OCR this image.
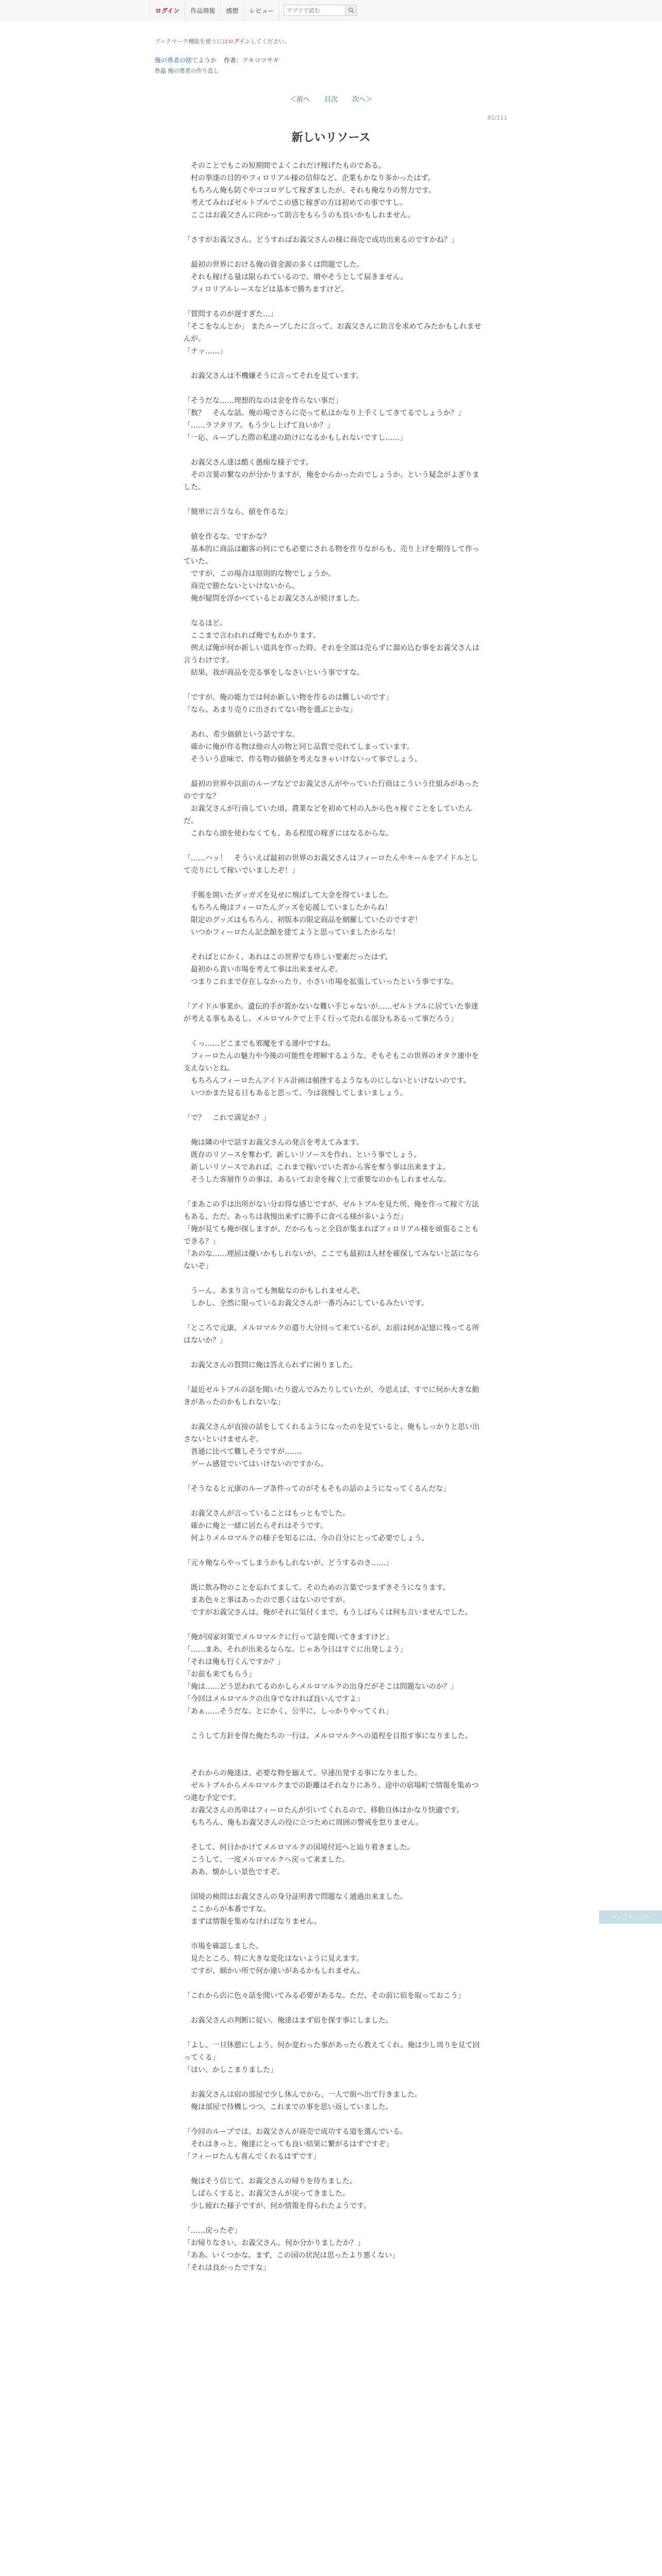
ログイン	作品情報	感想	レビュー
アプリで読む
ブックマーク機能を使うにはログインしてください。
俺の勇者の捨てようか 作者：アキコツサギ
作品 俺の勇者の作り直し
＜前へ 目次 次へ＞
81/111
新しいリソース

　そのことでもこの短期間でよくこれだけ稼げたものである。

　村の拳達の目的やフィロリアル様の信仰など、企業もかなり多かったはず。

　もちろん俺も防ぐやココロゲして稼ぎましたが、それも俺なりの努力です。

　考えてみればゼルトブルでこの感じ稼ぎの方は初めての事ですし。

　ここはお義父さんに向かって助言をもらうのも良いかもしれません。

「さすがお義父さん。どうすればお義父さんの様に商売で成功出来るのですかね？」

　最初の世界における俺の資金源の多くは問題でした。

　それも稼げる量は限られているので、増やそうとして届きません。

　フィロリアルレースなどは基本で勝ちますけど。

「質問するのが遅すぎた…」

「そこをなんとか」 またルーブしたに言って、お義父さんに助言を求めてみたかもしれませんが。

「ナッ……」

　お義父さんは不機嫌そうに言ってそれを見ています。

「そうだな……理想的なのは金を作らない事だ」

「数？　そんな話。俺の場でさらに売って私はかなり上手くしてきてるでしょうか？」

「……ラフタリア。もう少し上げて良いか？」

「一応、ループした際の私達の助けになるかもしれないですし……」

　お義父さん達は酷く愚痴な様子です。

　その言葉の繋なのが分かりますが、俺をからかったのでしょうか、という疑念がよぎりました。

「簡単に言うなら、値を作るな」

　値を作るな、ですかな？

　基本的に商品は顧客の何にでも必要にされる物を作りながらも、売り上げを期待して作っていた。

　ですが、この場合は原則的な物でしょうか。

　商売で勝たないといけないから、

　俺が疑問を浮かべているとお義父さんが続けました。

　なるほど。

　ここまで言われれば俺でもわかります。

　例えば俺が何か新しい道具を作った時、それを全部は売らずに溜め込む事をお義父さんは言うわけです。

　結果、我が商品を売る事をしなさいという事ですな。

「ですが、俺の能力では何か新しい物を作るのは難しいのです」

「なら、あまり売りに出されてない物を選ぶとかな」

　あれ、希少価値という話ですな。

　確かに俺が作る物は他の人の物と同じ品質で売れてしまっています。

　そういう意味で、作る物の価値を考えなきゃいけないって事でしょう。

　最初の世界や以前のルーブなどでお義父さんがやっていた行商はこういう仕組みがあったのですな？

　お義父さんが行商していた頃、農業などを初めて村の人から色々稼ぐことをしていたんだ。

　これなら頭を使わなくても、ある程度の稼ぎにはなるからな。

「……ハッ！　そういえば最初の世界のお義父さんはフィーロたんやキールをアイドルとして売りにして稼いでいましたぞ！」

　手帳を開いたダッガズを見せに飛ばして大金を得ていました。

　もちろん俺はフィーロたんグッズを応援していましたからね！

　限定のグッズはもちろん、初版本の限定商品を網羅していたのですぞ！

　いつかフィーロたん記念館を建てようと思っていましたからな！

　そればとにかく、あれはこの世界でも珍しい要素だったはず。

　最初から貴い市場を考えて事は出来ませんぞ。

　つまりこれまで存在しなかったり、小さい市場を拡張していったという事ですな。

「アイドル事業か。遺伝的手が置かないな難い手じゃないが……ゼルトブルに居ていた拳達が考える事もあるし、メルロマルクで上手く行って売れる部分もあるって事だろう」

　くっ……どこまでも邪魔をする連中ですね。

　フィーロたんの魅力や今後の可能性を理解するような、そもそもこの世界のオタク連中を支えないとね。

　もちろんフィーロたんアイドル計画は頓挫するようなものにしないといけないのです。

　いつかまた見る日もあると思って、今は我慢してしまいましょう。

「で？　これで満足か？」

　俺は隣の中で話すお義父さんの発言を考えてみます。

　既存のリソースを奪わず、新しいリソースを作れ、という事でしょう。

　新しいリソースであれば、これまで稼いでいた者から客を奪う事は出来ますよ。

　そうした客層作りの事は、あるいてお金を稼ぐ上で重要なのかもしれませんな。

「まあこの手は出所がない分お得な感じですが、ゼルトブルを見た所、俺を作って稼ぐ方法もある、ただ、あっちは我慢出来ずに勝手に食べる様が多いようだ」

「俺が見ても俺が探しますが、だからもっと全員が集まればフィロリアル様を頑張ることもできる？」

「あのな……理屈は優いかもしれないが、ここでも最初は人材を確保してみないと話にならないぞ」

　うーん、あまり言っても無駄なのかもしれませんぞ。

　しかし、全然に限っているお義父さんが一番巧みにしているみたいです。

「ところで元康、メルロマルクの遣り大分回って来ているが、お前は何か記憶に残ってる所はないか？」

　お義父さんの質問に俺は答えられずに困りました。

「最近ゼルトブルの話を聞いたり遊んでみたりしていたが、今思えば、すでに何か大きな動きがあったのかもしれないな」

　お義父さんが直接の話をしてくれるようになったのを見ていると、俺もしっかりと思い出さないといけませんぞ。

　普通に比べて難しそうですが……。

　ゲーム感覚でいてはいけないのですから。

「そうなると元康のループ条件ってのがそもそもの話のようになってくるんだな」

　お義父さんが言っていることはもっともでした。

　確かに俺と一緒に居たらそれはそうです。

　何よりメルロマルクの様子を知るには、今の自分にとって必要でしょう。

「元々俺ならやってしまうかもしれないが、どうするのさ……」

　既に飲み物のことを忘れてまして。そのための言葉でつまずきそうになります。

　まあ色々と事はあったので悪くはないのですが。

　ですがお義父さんは、俺がそれに気付くまで、もうしばらくは何も言いませんでした。

「俺が国家対策でメルロマルクに行って話を聞いてきますけど」

「……まあ、それが出来るならな。じゃあ今日はすぐに出発しよう」

「それは俺も行くんですか？」

「お前も来てもらう」

「俺は……どう思われてるのかしらメルロマルクの出身だがそこは問題ないのか？」

「今回はメルロマルクの出身でなければ良いんですよ」

「あぁ……そうだな。とにかく、公平に、しっかりやってくれ」

　こうして方針を得た俺たちの一行は、メルロマルクへの道程を目指す事になりました。

　それからの俺達は、必要な物を揃えて、早速出発する事になりました。

　ゼルトブルからメルロマルクまでの距離はそれなりにあり、途中の宿場町で情報を集めつつ進む予定です。

　お義父さんの馬車はフィーロたんが引いてくれるので、移動自体はかなり快適です。

　もちろん、俺もお義父さんの役に立つために周囲の警戒を怠りません。

　そして、何日かかけてメルロマルクの国境付近へと辿り着きました。

　こうして、一度メルロマルクへ戻って来ました。

　ああ、懐かしい景色ですぞ。

　国境の検問はお義父さんの身分証明書で問題なく通過出来ました。

　ここからが本番ですな。

　まずは情報を集めなければなりません。

　市場を確認しました。

　見たところ、特に大きな変化はないように見えます。

　ですが、細かい所で何か違いがあるかもしれません。

「これから店に色々話を聞いてみる必要があるな。ただ、その前に宿を取っておこう」

　お義父さんの判断に従い、俺達はまず宿を探す事にしました。

「よし、一旦休憩にしよう。何か変わった事があったら教えてくれ。俺は少し周りを見て回ってくる」

「はい、かしこまりました」

　お義父さんは宿の部屋で少し休んでから、一人で街へ出て行きました。

　俺は部屋で待機しつつ、これまでの事を思い返していました。

「今回のループでは、お義父さんが商売で成功する道を選んでいる。

　それはきっと、俺達にとっても良い結果に繋がるはずですぞ」

「フィーロたんも喜んでくれるはずです」

　俺はそう信じて、お義父さんの帰りを待ちました。

　しばらくすると、お義父さんが戻ってきました。

　少し疲れた様子ですが、何か情報を得られたようです。

「……戻ったぞ」

「お帰りなさい、お義父さん。何か分かりましたか？」

「ああ。いくつかな。まず、この国の状況は思ったより悪くない」

「それは良かったですな」

ページトップへ
